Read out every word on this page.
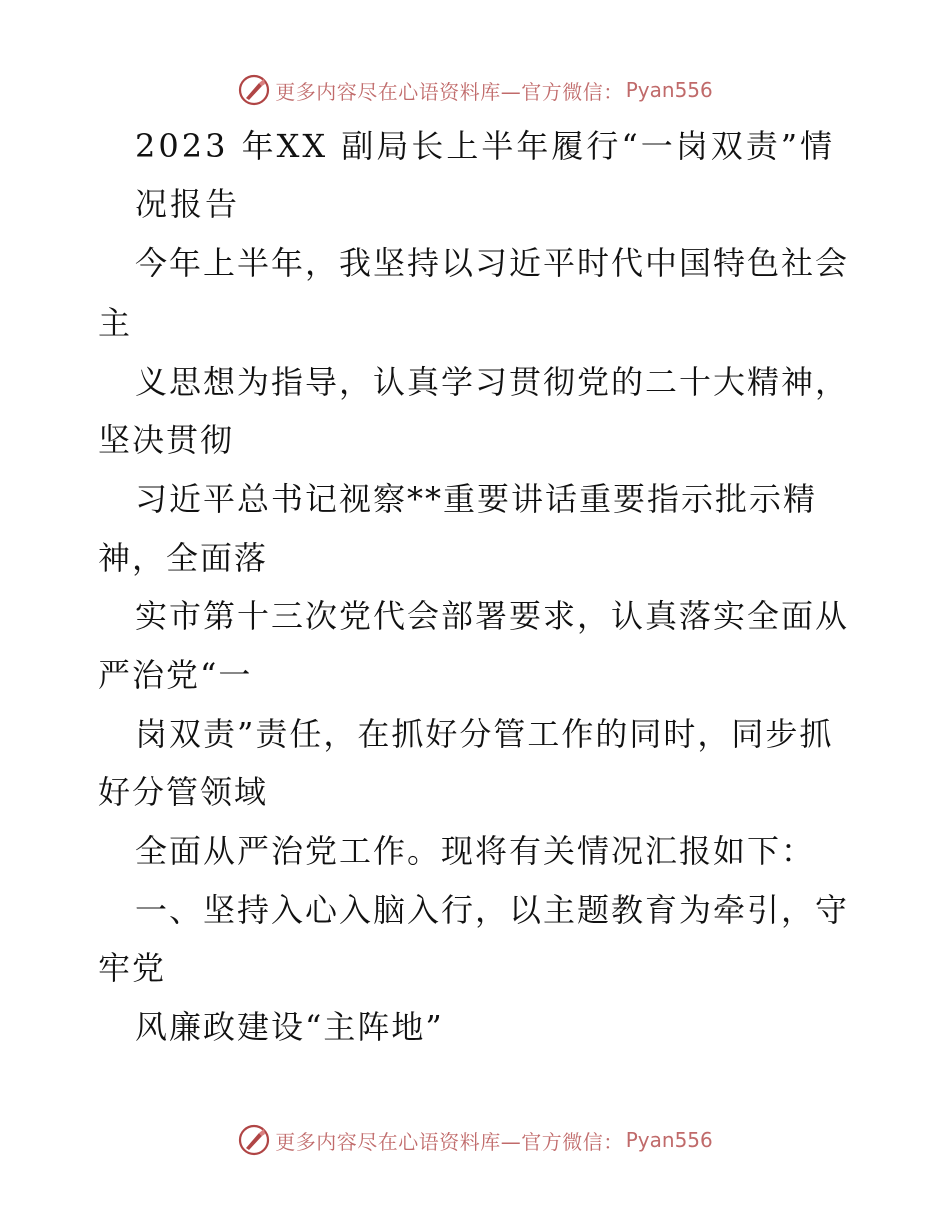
更多内容尽在心语资料库—官方微信： Pyan556
2023 年XX 副局长上半年履行“一岗双责”情
况报告
今年上半年，我坚持以习近平时代中国特色社会
主
义思想为指导，认真学习贯彻党的二十大精神，
坚决贯彻
习近平总书记视察**重要讲话重要指示批示精
神，全面落
实市第十三次党代会部署要求，认真落实全面从
严治党“一
岗双责”责任，在抓好分管工作的同时，同步抓
好分管领域
全面从严治党工作。现将有关情况汇报如下：
一、坚持入心入脑入行，以主题教育为牵引，守
牢党
风廉政建设“主阵地”
更多内容尽在心语资料库—官方微信： Pyan556
